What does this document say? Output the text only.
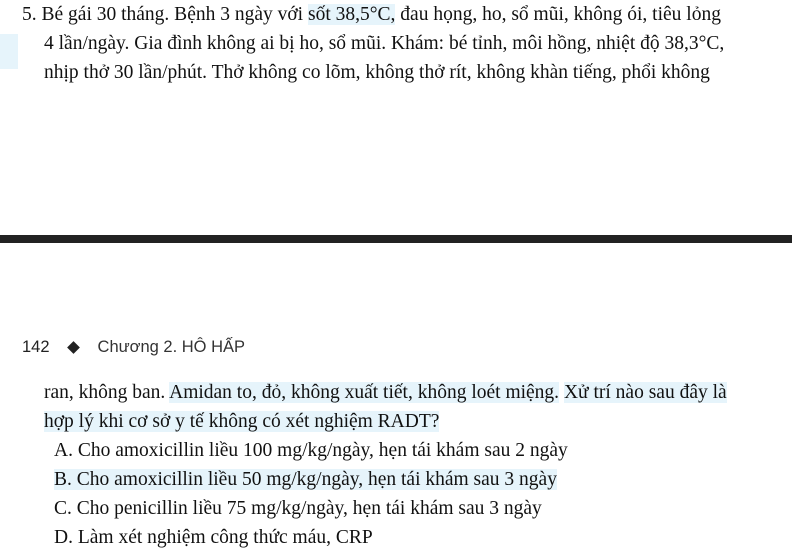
5. Bé gái 30 tháng. Bệnh 3 ngày với sốt 38,5°C, đau họng, ho, sổ mũi, không ói, tiêu lỏng
4 lần/ngày. Gia đình không ai bị ho, sổ mũi. Khám: bé tỉnh, môi hồng, nhiệt độ 38,3°C,
nhịp thở 30 lần/phút. Thở không co lõm, không thở rít, không khàn tiếng, phổi không
142	Chương 2. HÔ HẤP
ran, không ban. Amidan to, đỏ, không xuất tiết, không loét miệng. Xử trí nào sau đây là
hợp lý khi cơ sở y tế không có xét nghiệm RADT?
A. Cho amoxicillin liều 100 mg/kg/ngày, hẹn tái khám sau 2 ngày
B. Cho amoxicillin liều 50 mg/kg/ngày, hẹn tái khám sau 3 ngày
C. Cho penicillin liều 75 mg/kg/ngày, hẹn tái khám sau 3 ngày
D. Làm xét nghiệm công thức máu, CRP
